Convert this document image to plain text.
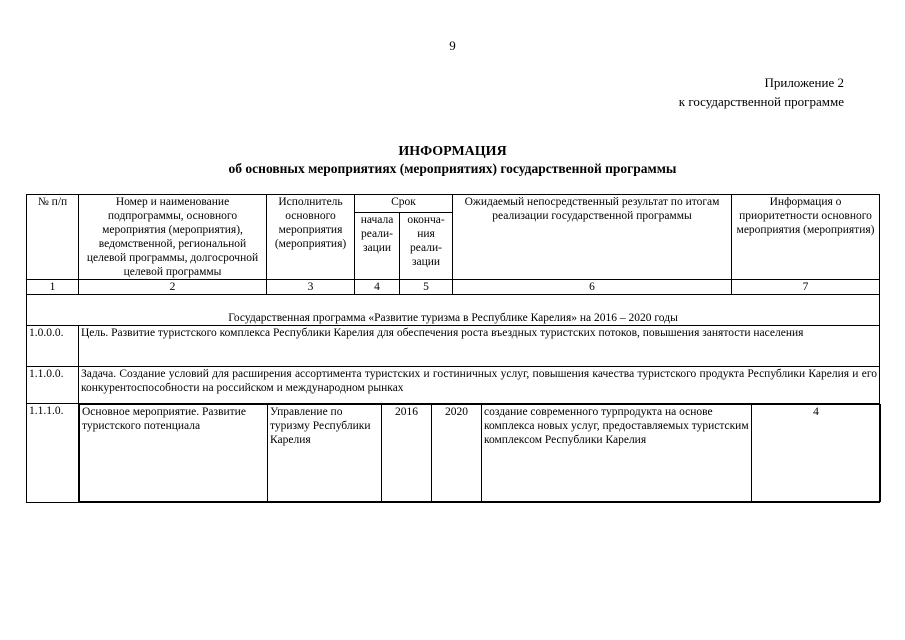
9
Приложение 2
к государственной программе
ИНФОРМАЦИЯ
об основных мероприятиях (мероприятиях) государственной программы
№ п/п	Номер и наименование подпрограммы, основного мероприятия (мероприятия), ведомственной, региональной целевой программы, долгосрочной целевой программы	Исполнитель основного мероприятия (мероприятия)	Срок	Ожидаемый непосредственный результат по итогам реализации государственной программы	Информация о приоритетности основного мероприятия (мероприятия)
начала реали-зации	оконча-ния реали-зации
1	2	3	4	5	6	7
Государственная программа «Развитие туризма в Республике Карелия» на 2016 – 2020 годы
1.0.0.0.	Цель. Развитие туристского комплекса Республики Карелия для обеспечения роста въездных туристских потоков, повышения занятости населения
1.1.0.0.	Задача. Создание условий для расширения ассортимента туристских и гостиничных услуг, повышения качества туристского продукта Республики Карелия и его конкурентоспособности на российском и международном рынках
1.1.1.0.	Основное мероприятие. Развитие туристского потенциала	Управление по туризму Республики Карелия	2016	2020	создание современного турпродукта на основе комплекса новых услуг, предоставляемых туристским комплексом Республики Карелия	4
